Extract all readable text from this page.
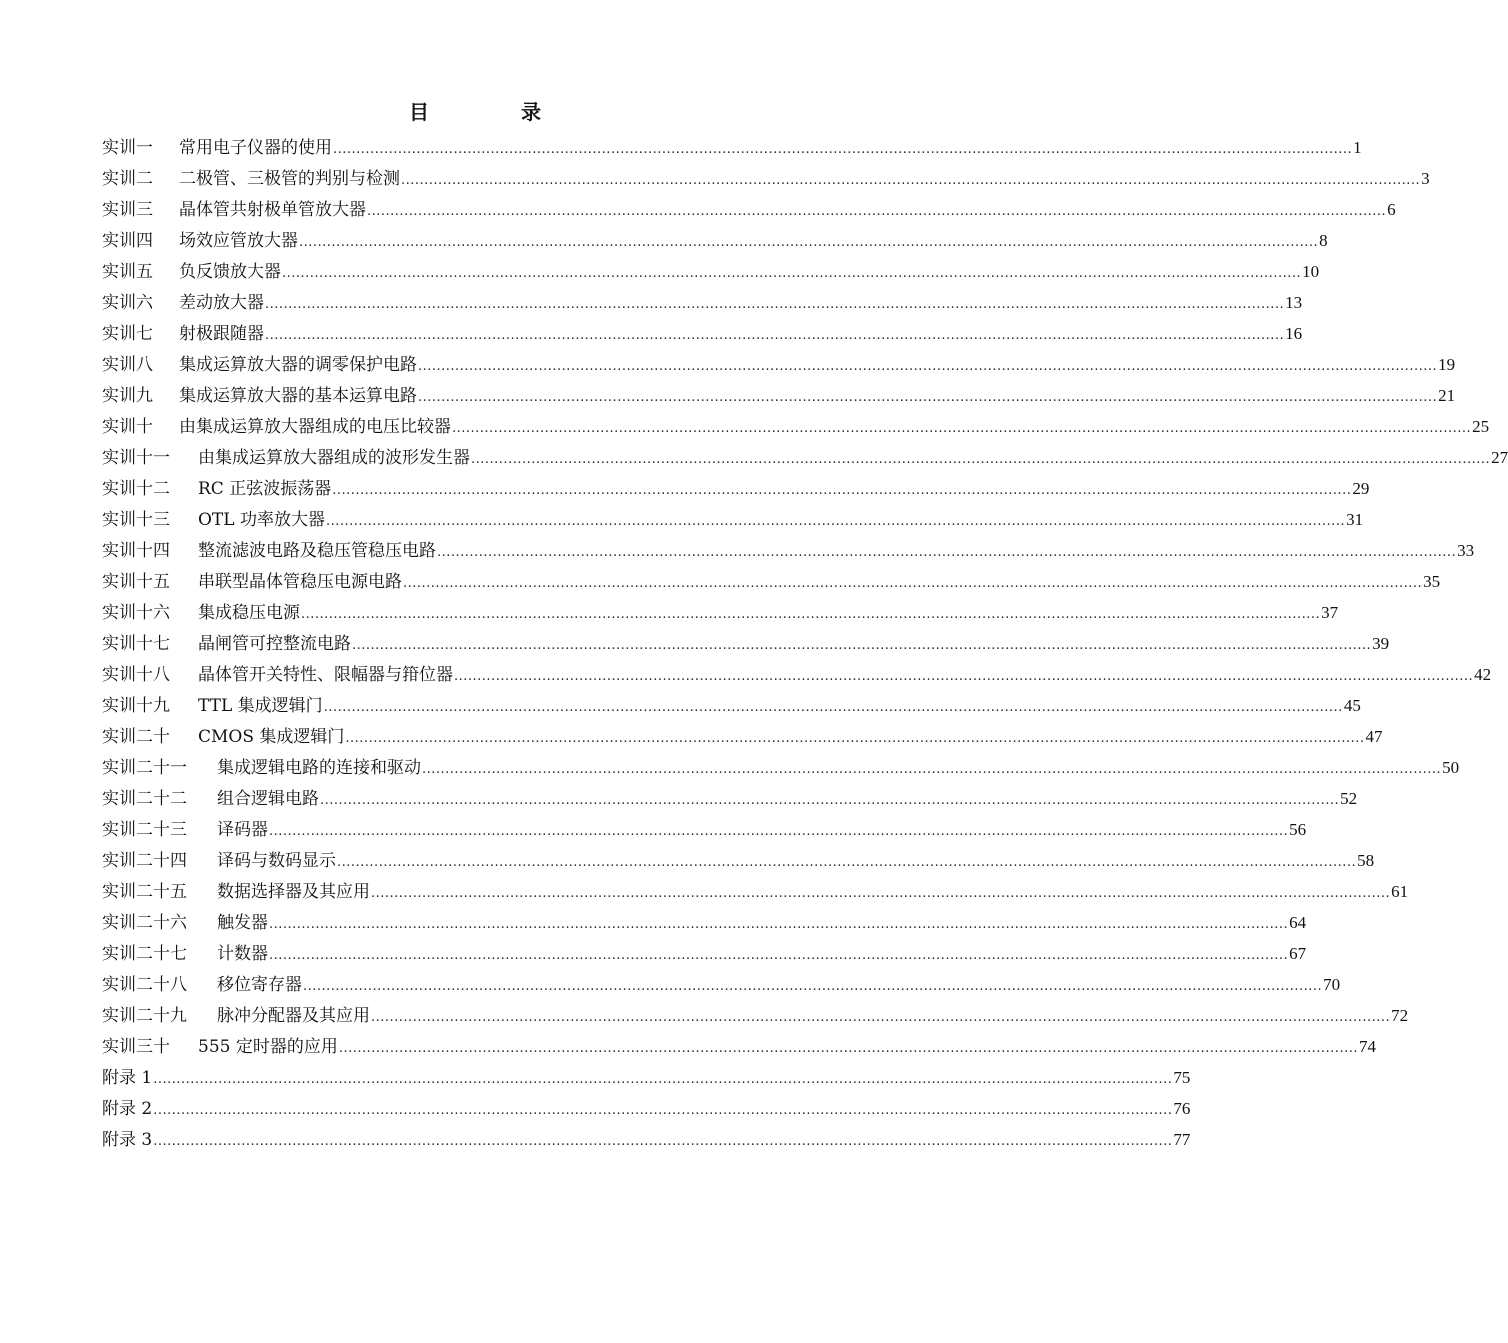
目　录
实训一	常用电子仪器的使用 ............................................................................................................................................................................................................................ 1
实训二	二极管、三极管的判别与检测 ............................................................................................................................................................................................................................ 3
实训三	晶体管共射极单管放大器 ............................................................................................................................................................................................................................ 6
实训四	场效应管放大器 ............................................................................................................................................................................................................................ 8
实训五	负反馈放大器 ............................................................................................................................................................................................................................ 10
实训六	差动放大器 ............................................................................................................................................................................................................................ 13
实训七	射极跟随器 ............................................................................................................................................................................................................................ 16
实训八	集成运算放大器的调零保护电路 ............................................................................................................................................................................................................................ 19
实训九	集成运算放大器的基本运算电路 ............................................................................................................................................................................................................................ 21
实训十	由集成运算放大器组成的电压比较器 ............................................................................................................................................................................................................................ 25
实训十一	由集成运算放大器组成的波形发生器 ............................................................................................................................................................................................................................ 27
实训十二	RC 正弦波振荡器 ............................................................................................................................................................................................................................ 29
实训十三	OTL 功率放大器 ............................................................................................................................................................................................................................ 31
实训十四	整流滤波电路及稳压管稳压电路 ............................................................................................................................................................................................................................ 33
实训十五	串联型晶体管稳压电源电路 ............................................................................................................................................................................................................................ 35
实训十六	集成稳压电源 ............................................................................................................................................................................................................................ 37
实训十七	晶闸管可控整流电路 ............................................................................................................................................................................................................................ 39
实训十八	晶体管开关特性、限幅器与箝位器 ............................................................................................................................................................................................................................ 42
实训十九	TTL 集成逻辑门 ............................................................................................................................................................................................................................ 45
实训二十	CMOS 集成逻辑门 ............................................................................................................................................................................................................................ 47
实训二十一	集成逻辑电路的连接和驱动 ............................................................................................................................................................................................................................ 50
实训二十二	组合逻辑电路 ............................................................................................................................................................................................................................ 52
实训二十三	译码器 ............................................................................................................................................................................................................................ 56
实训二十四	译码与数码显示 ............................................................................................................................................................................................................................ 58
实训二十五	数据选择器及其应用 ............................................................................................................................................................................................................................ 61
实训二十六	触发器 ............................................................................................................................................................................................................................ 64
实训二十七	计数器 ............................................................................................................................................................................................................................ 67
实训二十八	移位寄存器 ............................................................................................................................................................................................................................ 70
实训二十九	脉冲分配器及其应用 ............................................................................................................................................................................................................................ 72
实训三十	555 定时器的应用 ............................................................................................................................................................................................................................ 74
附录 1 ............................................................................................................................................................................................................................ 75
附录 2 ............................................................................................................................................................................................................................ 76
附录 3 ............................................................................................................................................................................................................................ 77
